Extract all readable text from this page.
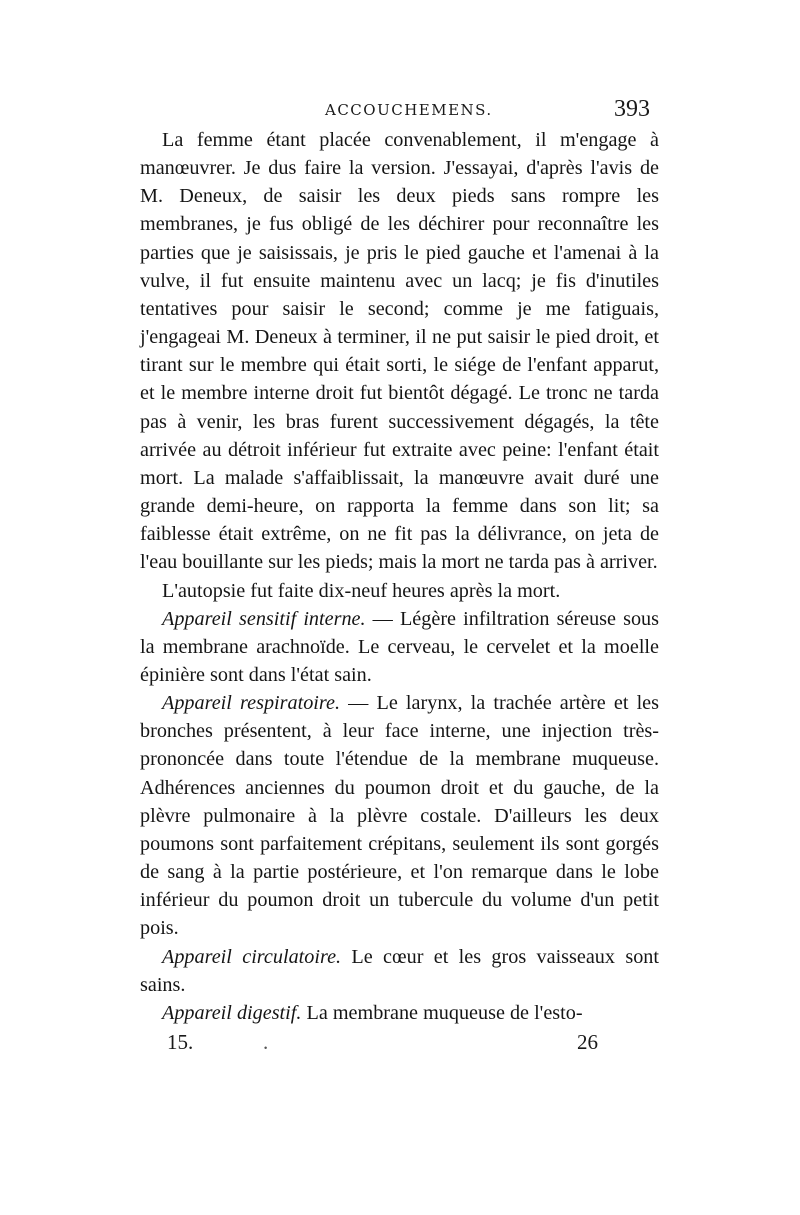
ACCOUCHEMENS.	393

La femme étant placée convenablement, il m'engage à manœuvrer. Je dus faire la version. J'essayai, d'après l'avis de M. Deneux, de saisir les deux pieds sans rompre les membranes, je fus obligé de les déchirer pour reconnaître les parties que je saisissais, je pris le pied gauche et l'amenai à la vulve, il fut ensuite maintenu avec un lacq; je fis d'inutiles tentatives pour saisir le second; comme je me fatiguais, j'engageai M. Deneux à terminer, il ne put saisir le pied droit, et tirant sur le membre qui était sorti, le siége de l'enfant apparut, et le membre interne droit fut bientôt dégagé. Le tronc ne tarda pas à venir, les bras furent successivement dégagés, la tête arrivée au détroit inférieur fut extraite avec peine: l'enfant était mort. La malade s'affaiblissait, la manœuvre avait duré une grande demi-heure, on rapporta la femme dans son lit; sa faiblesse était extrême, on ne fit pas la délivrance, on jeta de l'eau bouillante sur les pieds; mais la mort ne tarda pas à arriver.

L'autopsie fut faite dix-neuf heures après la mort.

Appareil sensitif interne. — Légère infiltration séreuse sous la membrane arachnoïde. Le cerveau, le cervelet et la moelle épinière sont dans l'état sain.

Appareil respiratoire. — Le larynx, la trachée artère et les bronches présentent, à leur face interne, une injection très-prononcée dans toute l'étendue de la membrane muqueuse. Adhérences anciennes du poumon droit et du gauche, de la plèvre pulmonaire à la plèvre costale. D'ailleurs les deux poumons sont parfaitement crépitans, seulement ils sont gorgés de sang à la partie postérieure, et l'on remarque dans le lobe inférieur du poumon droit un tubercule du volume d'un petit pois.

Appareil circulatoire. Le cœur et les gros vaisseaux sont sains.

Appareil digestif. La membrane muqueuse de l'esto-

15.	.	26
